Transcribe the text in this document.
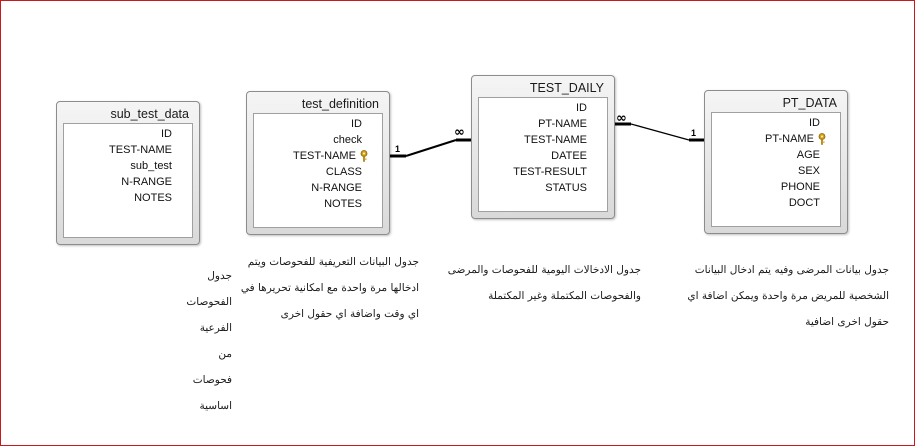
sub_test_data
ID
TEST-NAME
sub_test
N-RANGE
NOTES
test_definition
ID
check
TEST-NAME
CLASS
N-RANGE
NOTES
TEST_DAILY
ID
PT-NAME
TEST-NAME
DATEE
TEST-RESULT
STATUS
PT_DATA
ID
PT-NAME
AGE
SEX
PHONE
DOCT
1
∞
∞
1
جدول الفحوصات الفرعية من فحوصات اساسية
جدول البيانات التعريفية للفحوصات ويتم ادخالها مرة واحدة مع امكانية تحريرها في اي وقت واضافة اي حقول اخرى
جدول الادخالات اليومية للفحوصات والمرضى والفحوصات المكتملة وغير المكتملة
جدول بيانات المرضى وفيه يتم ادخال البيانات الشخصية للمريض مرة واحدة ويمكن اضافة اي حقول اخرى اضافية
